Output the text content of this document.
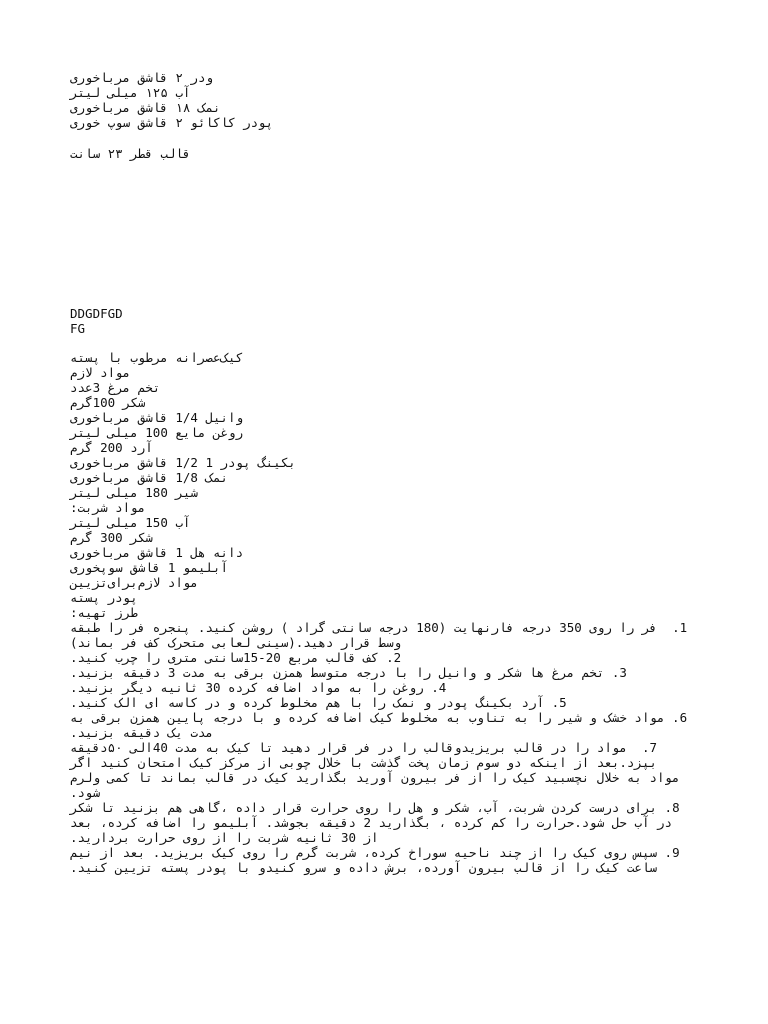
ودر ۲ قاشق مرباخوری
آب ۱۲۵ میلی لیتر
نمک ۱۸ قاشق مرباخوری
پودر کاکائو ۲ قاشق سوپ خوری
قالب قطر ۲۳ سانت
DDGDFGD
FG
کیک‌عصرانه مرطوب با پسته
مواد لازم
تخم مرغ 3عدد
شکر 100گرم
وانیل 1/4 قاشق مرباخوری
روغن مایع 100 میلی لیتر
آرد 200 گرم
بکینگ پودر 1 1/2 قاشق مرباخوری
نمک 1/8 قاشق مرباخوری
شیر 180 میلی لیتر
مواد شربت:
آب 150 میلی لیتر
شکر 300 گرم
دانه هل 1 قاشق مرباخوری
آبلیمو 1 قاشق سوپخوری
مواد لازم‌برای‌تزیین
پودر پسته
طرز تهیه:
1.  فر را روی 350 درجه فارنهایت (180 درجه سانتی گراد ) روشن کنید. پنجره فر را طبقه
وسط قرار دهید.(سینی لعابی متحرک کف فر بماند)
2. کف قالب مربع 20-15سانتی متری را چرب کنید.
3. تخم مرغ ها شکر و وانیل را با درجه متوسط همزن برقی به مدت 3 دقیقه بزنید.
4. روغن را به مواد اضافه کرده 30 ثانیه دیگر بزنید.
5. آرد بکینگ پودر و نمک را با هم مخلوط کرده و در کاسه ای الک کنید.
6. مواد خشک و شیر را به تناوب به مخلوط کیک اضافه کرده و با درجه پایین همزن برقی به
مدت یک دقیقه بزنید.
7.  مواد را در قالب بریزیدوقالب را در فر قرار دهید تا کیک به مدت 40الی ۵۰دقیقه
بپزد.بعد از اینکه دو سوم زمان پخت گذشت با خلال چوبی از مرکز کیک امتحان کنید اگر
مواد به خلال نچسبید کیک را از فر بیرون آورید بگذارید کیک در قالب بماند تا کمی ولرم
شود.
8. برای درست کردن شربت، آب، شکر و هل را روی حرارت قرار داده ،گاهی هم بزنید تا شکر
در آب حل شود.حرارت را کم کرده ، بگذارید 2 دقیقه بجوشد. آبلیمو را اضافه کرده، بعد
از 30 ثانیه شربت را از روی حرارت بردارید.
9. سپس روی کیک را از چند ناحیه سوراخ کرده، شربت گرم را روی کیک بریزید. بعد از نیم
ساعت کیک را از قالب بیرون آورده، برش داده و سرو کنیدو با پودر پسته تزیین کنید.
